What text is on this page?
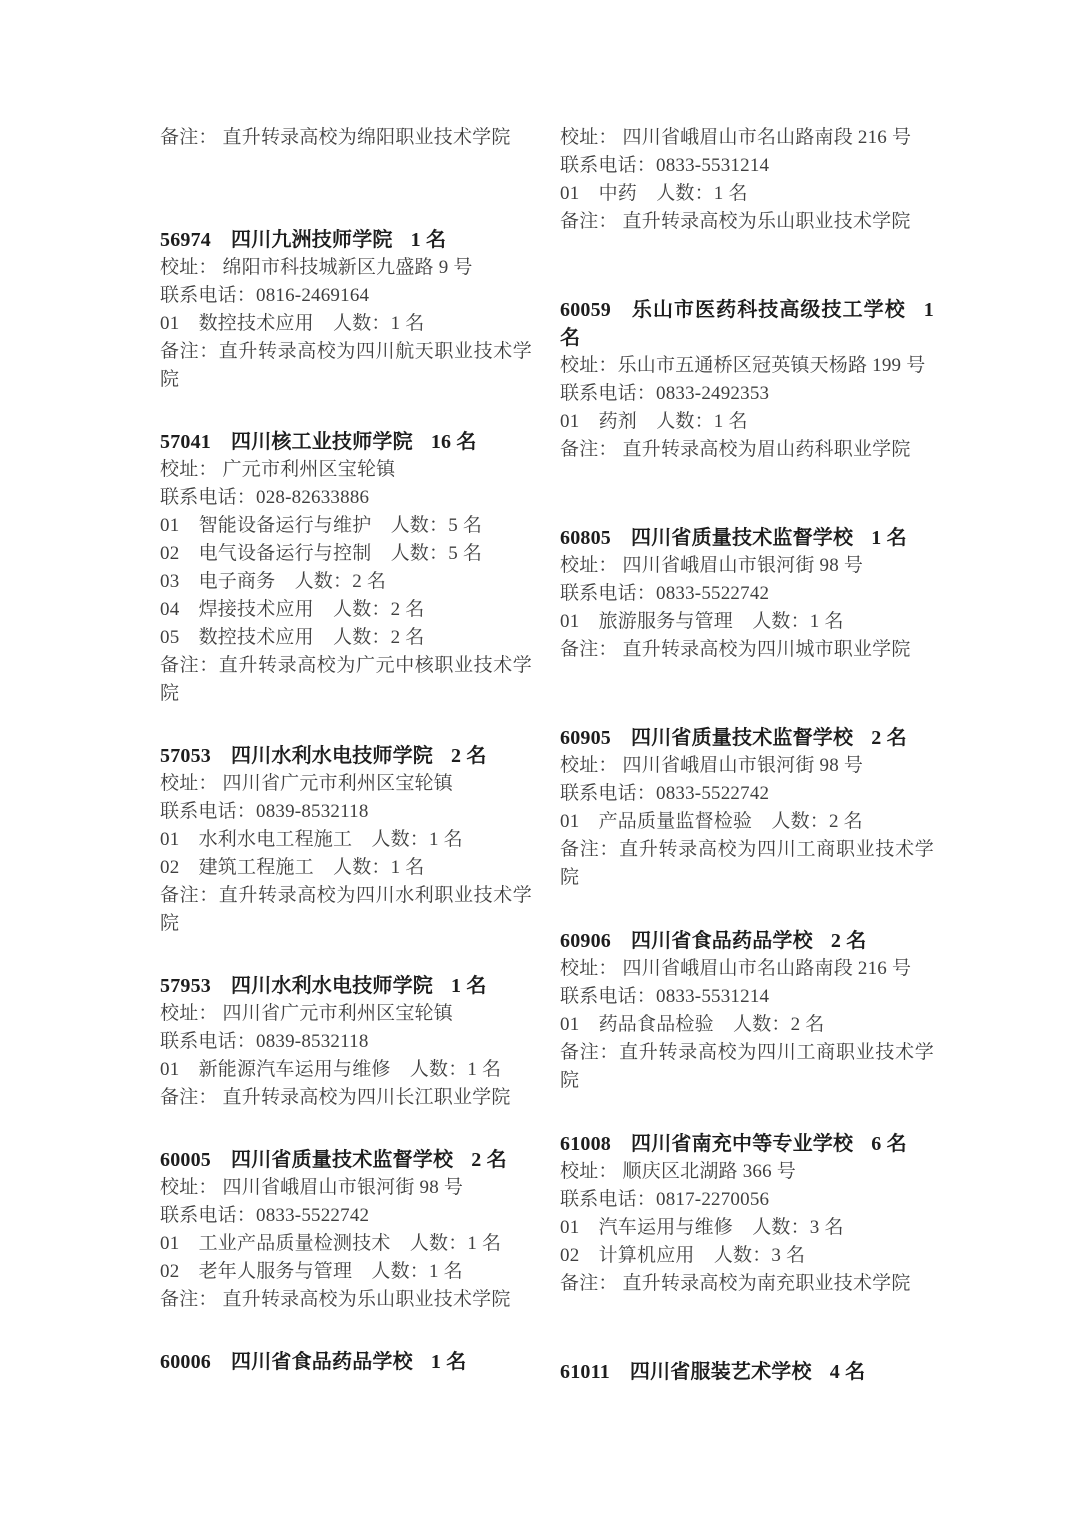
备注： 直升转录高校为绵阳职业技术学院
56974 四川九洲技师学院 1 名
校址： 绵阳市科技城新区九盛路 9 号
联系电话：0816-2469164
01　数控技术应用　人数：1 名
备注：直升转录高校为四川航天职业技术学院
57041 四川核工业技师学院 16 名
校址： 广元市利州区宝轮镇
联系电话：028-82633886
01　智能设备运行与维护　人数：5 名
02　电气设备运行与控制　人数：5 名
03　电子商务　人数：2 名
04　焊接技术应用　人数：2 名
05　数控技术应用　人数：2 名
备注：直升转录高校为广元中核职业技术学院
57053 四川水利水电技师学院 2 名
校址： 四川省广元市利州区宝轮镇
联系电话：0839-8532118
01　水利水电工程施工　人数：1 名
02　建筑工程施工　人数：1 名
备注：直升转录高校为四川水利职业技术学院
57953 四川水利水电技师学院 1 名
校址： 四川省广元市利州区宝轮镇
联系电话：0839-8532118
01　新能源汽车运用与维修　人数：1 名
备注： 直升转录高校为四川长江职业学院
60005 四川省质量技术监督学校 2 名
校址： 四川省峨眉山市银河街 98 号
联系电话：0833-5522742
01　工业产品质量检测技术　人数：1 名
02　老年人服务与管理　人数：1 名
备注： 直升转录高校为乐山职业技术学院
60006 四川省食品药品学校 1 名
校址： 四川省峨眉山市名山路南段 216 号
联系电话：0833-5531214
01　中药　人数：1 名
备注： 直升转录高校为乐山职业技术学院
60059 乐山市医药科技高级技工学校 1 名
校址：乐山市五通桥区冠英镇天杨路 199 号
联系电话：0833-2492353
01　药剂　人数：1 名
备注： 直升转录高校为眉山药科职业学院
60805 四川省质量技术监督学校 1 名
校址： 四川省峨眉山市银河街 98 号
联系电话：0833-5522742
01　旅游服务与管理　人数：1 名
备注： 直升转录高校为四川城市职业学院
60905 四川省质量技术监督学校 2 名
校址： 四川省峨眉山市银河街 98 号
联系电话：0833-5522742
01　产品质量监督检验　人数：2 名
备注：直升转录高校为四川工商职业技术学院
60906 四川省食品药品学校 2 名
校址： 四川省峨眉山市名山路南段 216 号
联系电话：0833-5531214
01　药品食品检验　人数：2 名
备注：直升转录高校为四川工商职业技术学院
61008 四川省南充中等专业学校 6 名
校址： 顺庆区北湖路 366 号
联系电话：0817-2270056
01　汽车运用与维修　人数：3 名
02　计算机应用　人数：3 名
备注： 直升转录高校为南充职业技术学院
61011 四川省服装艺术学校 4 名
